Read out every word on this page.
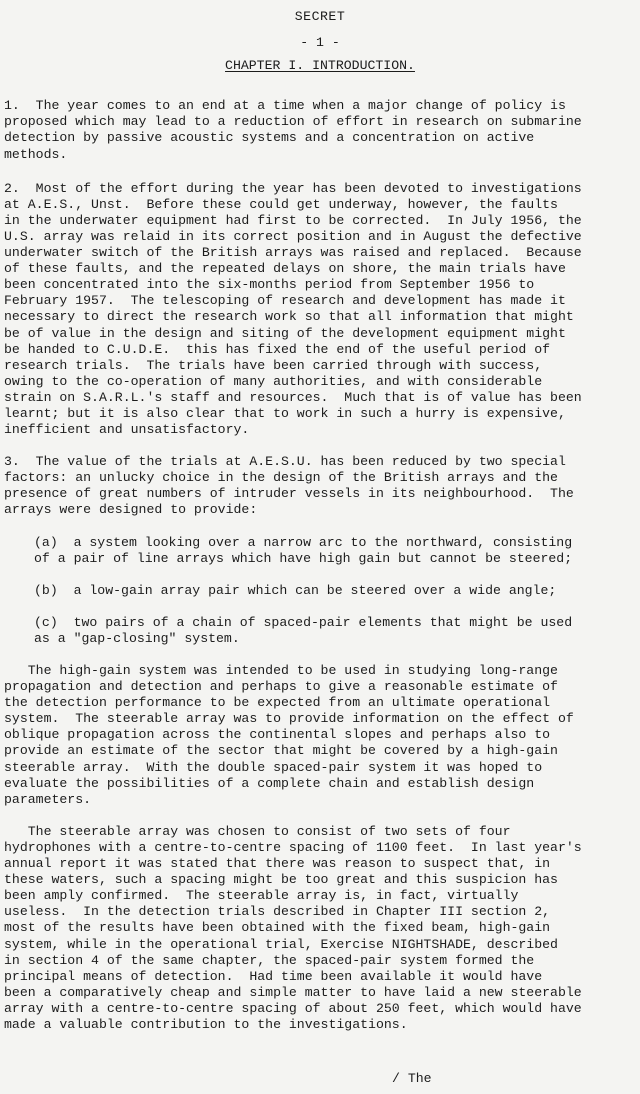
SECRET
- 1 -
CHAPTER I. INTRODUCTION.

1.  The year comes to an end at a time when a major change of policy is
proposed which may lead to a reduction of effort in research on submarine
detection by passive acoustic systems and a concentration on active
methods.

2.  Most of the effort during the year has been devoted to investigations
at A.E.S., Unst.  Before these could get underway, however, the faults
in the underwater equipment had first to be corrected.  In July 1956, the
U.S. array was relaid in its correct position and in August the defective
underwater switch of the British arrays was raised and replaced.  Because
of these faults, and the repeated delays on shore, the main trials have
been concentrated into the six-months period from September 1956 to
February 1957.  The telescoping of research and development has made it
necessary to direct the research work so that all information that might
be of value in the design and siting of the development equipment might
be handed to C.U.D.E.  this has fixed the end of the useful period of
research trials.  The trials have been carried through with success,
owing to the co-operation of many authorities, and with considerable
strain on S.A.R.L.'s staff and resources.  Much that is of value has been
learnt; but it is also clear that to work in such a hurry is expensive,
inefficient and unsatisfactory.

3.  The value of the trials at A.E.S.U. has been reduced by two special
factors: an unlucky choice in the design of the British arrays and the
presence of great numbers of intruder vessels in its neighbourhood.  The
arrays were designed to provide:

(a)  a system looking over a narrow arc to the northward, consisting
of a pair of line arrays which have high gain but cannot be steered;

(b)  a low-gain array pair which can be steered over a wide angle;

(c)  two pairs of a chain of spaced-pair elements that might be used
as a "gap-closing" system.

The high-gain system was intended to be used in studying long-range
propagation and detection and perhaps to give a reasonable estimate of
the detection performance to be expected from an ultimate operational
system.  The steerable array was to provide information on the effect of
oblique propagation across the continental slopes and perhaps also to
provide an estimate of the sector that might be covered by a high-gain
steerable array.  With the double spaced-pair system it was hoped to
evaluate the possibilities of a complete chain and establish design
parameters.

The steerable array was chosen to consist of two sets of four
hydrophones with a centre-to-centre spacing of 1100 feet.  In last year's
annual report it was stated that there was reason to suspect that, in
these waters, such a spacing might be too great and this suspicion has
been amply confirmed.  The steerable array is, in fact, virtually
useless.  In the detection trials described in Chapter III section 2,
most of the results have been obtained with the fixed beam, high-gain
system, while in the operational trial, Exercise NIGHTSHADE, described
in section 4 of the same chapter, the spaced-pair system formed the
principal means of detection.  Had time been available it would have
been a comparatively cheap and simple matter to have laid a new steerable
array with a centre-to-centre spacing of about 250 feet, which would have
made a valuable contribution to the investigations.

/ The
